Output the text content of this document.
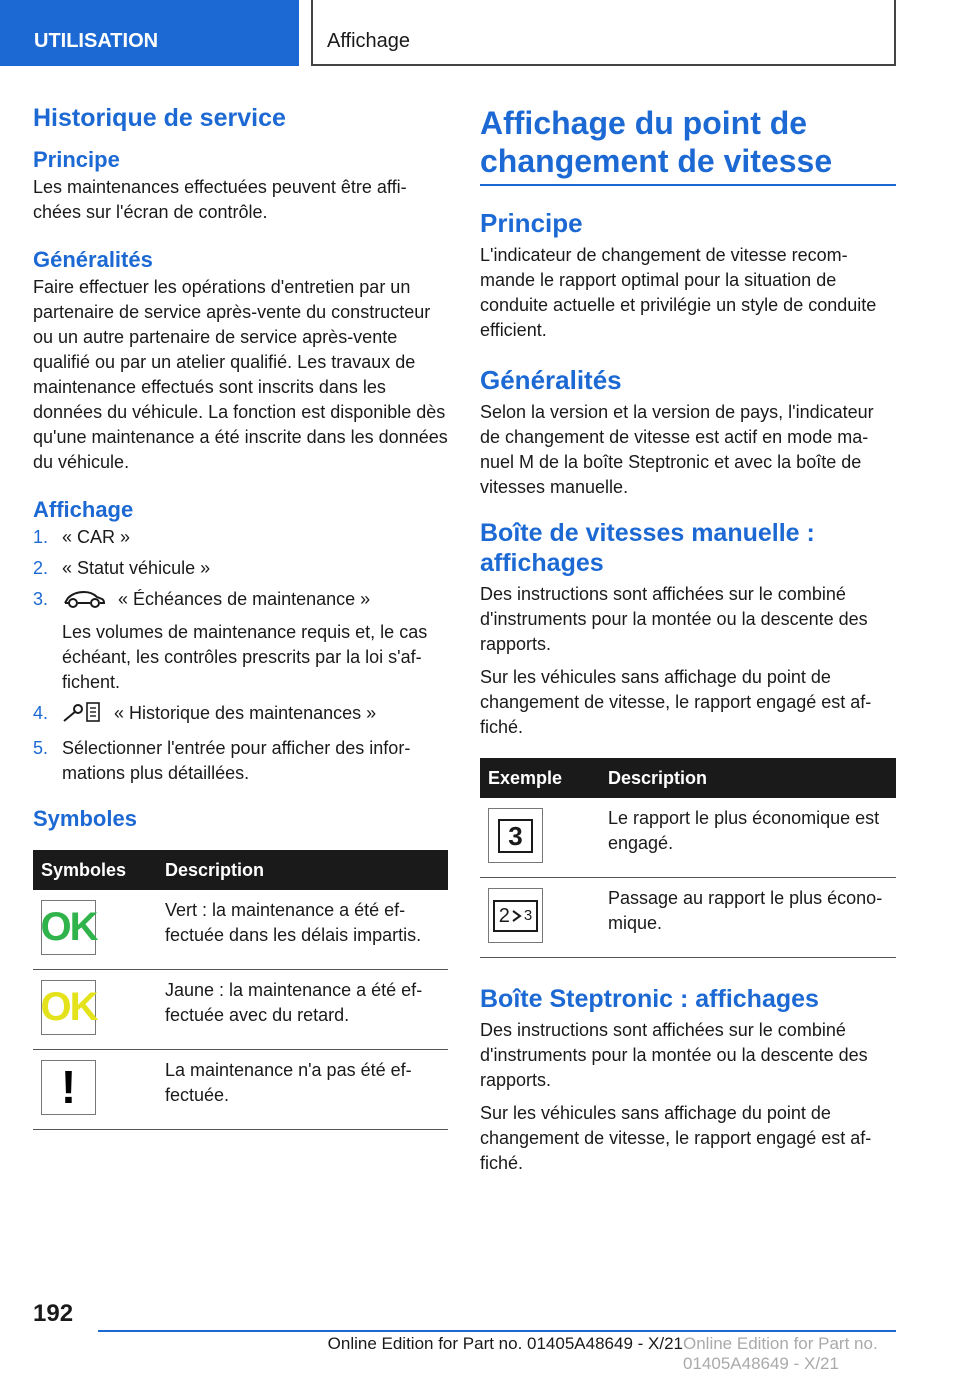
UTILISATION	Affichage
Historique de service
Principe

Les maintenances effectuées peuvent être affichées sur l'écran de contrôle.

Généralités

Faire effectuer les opérations d'entretien par un partenaire de service après-vente du constructeur ou un autre partenaire de service après-vente qualifié ou par un atelier qualifié. Les travaux de maintenance effectués sont inscrits dans les données du véhicule. La fonction est disponible dès qu'une maintenance a été inscrite dans les données du véhicule.

Affichage
1. « CAR »
2. « Statut véhicule »
3.	« Échéances de maintenance »
Les volumes de maintenance requis et, le cas échéant, les contrôles prescrits par la loi s'affichent.
4.	« Historique des maintenances »
5. Sélectionner l'entrée pour afficher des informations plus détaillées.
Symboles
Symboles	Description

OK	Vert : la maintenance a été effectuée dans les délais impartis.

OK	Jaune : la maintenance a été effectuée avec du retard.

!	La maintenance n'a pas été effectuée.
Affichage du point de changement de vitesse
Principe

L'indicateur de changement de vitesse recommande le rapport optimal pour la situation de conduite actuelle et privilégie un style de conduite efficient.

Généralités

Selon la version et la version de pays, l'indicateur de changement de vitesse est actif en mode manuel M de la boîte Steptronic et avec la boîte de vitesses manuelle.

Boîte de vitesses manuelle : affichages

Des instructions sont affichées sur le combiné d'instruments pour la montée ou la descente des rapports.

Sur les véhicules sans affichage du point de changement de vitesse, le rapport engagé est affiché.

Exemple	Description

3	Le rapport le plus économique est engagé.

2 3	Passage au rapport le plus économique.
Boîte Steptronic : affichages

Des instructions sont affichées sur le combiné d'instruments pour la montée ou la descente des rapports.

Sur les véhicules sans affichage du point de changement de vitesse, le rapport engagé est affiché.

192
Online Edition for Part no. 01405A48649 - X/21 Online Edition for Part no. 01405A48649 - X/21
